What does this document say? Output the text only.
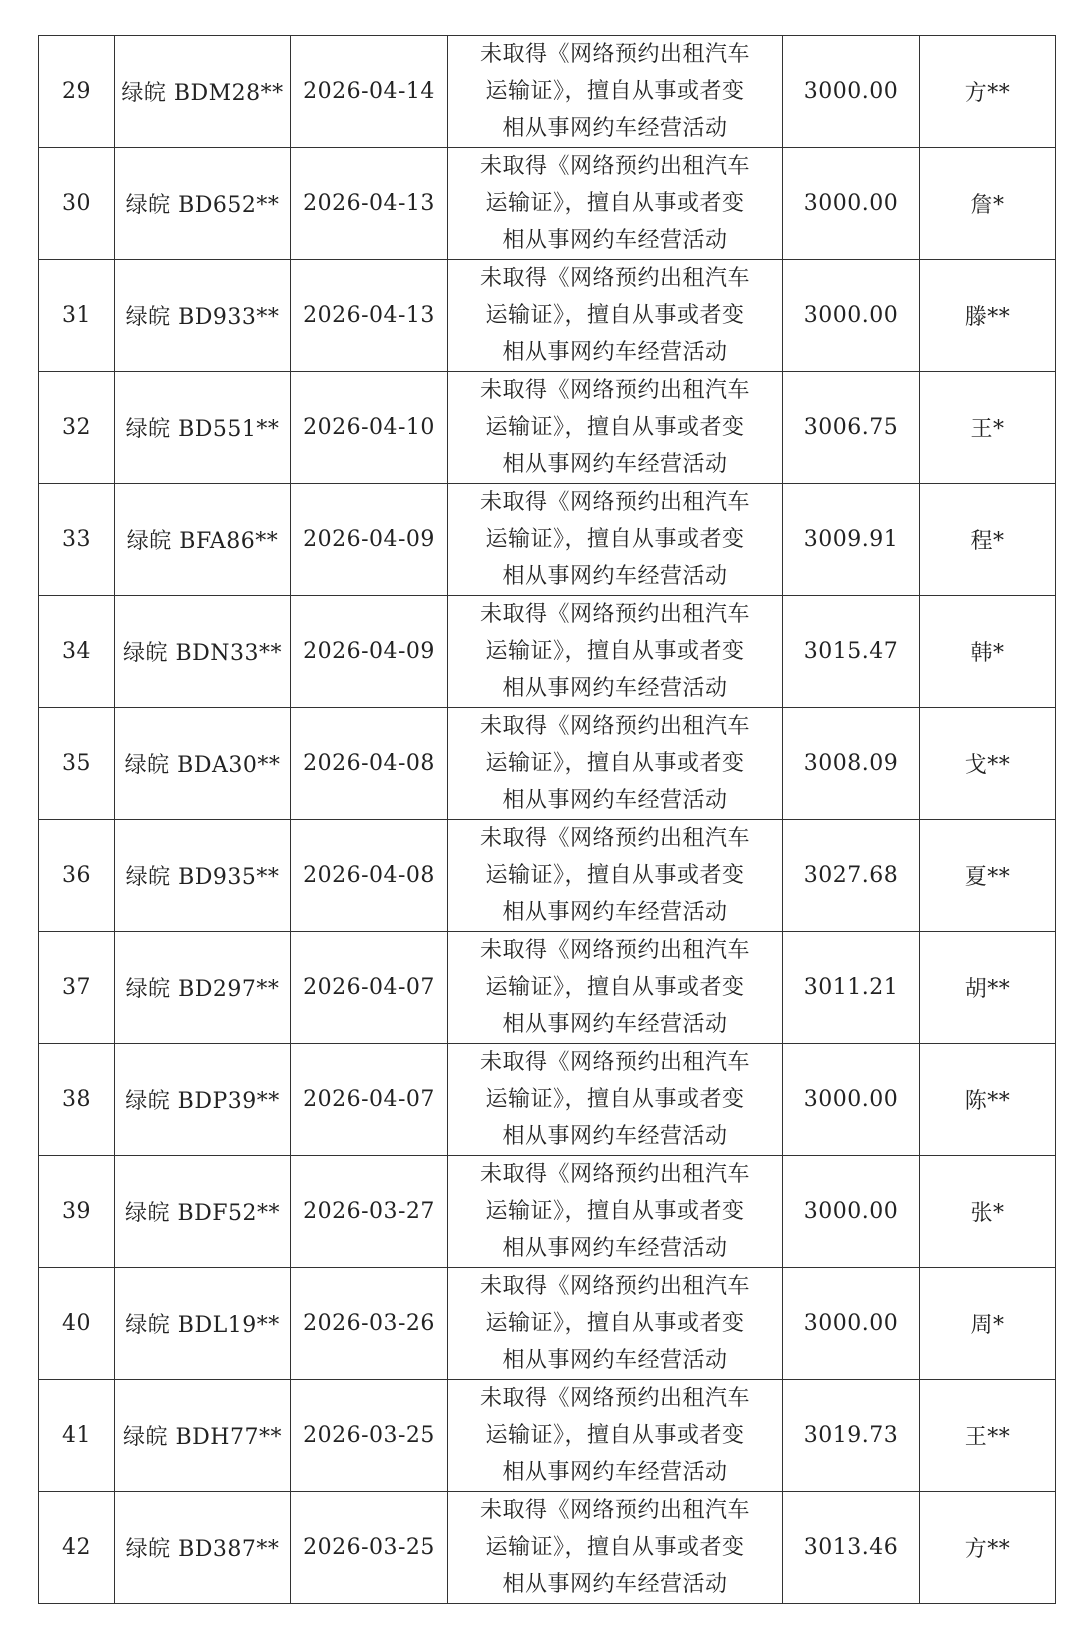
29	绿皖 BDM28**	2026-04-14	未取得《网络预约出租汽车
运输证》，擅自从事或者变
相从事网约车经营活动	3000.00	方**
30	绿皖 BD652**	2026-04-13	未取得《网络预约出租汽车
运输证》，擅自从事或者变
相从事网约车经营活动	3000.00	詹*
31	绿皖 BD933**	2026-04-13	未取得《网络预约出租汽车
运输证》，擅自从事或者变
相从事网约车经营活动	3000.00	滕**
32	绿皖 BD551**	2026-04-10	未取得《网络预约出租汽车
运输证》，擅自从事或者变
相从事网约车经营活动	3006.75	王*
33	绿皖 BFA86**	2026-04-09	未取得《网络预约出租汽车
运输证》，擅自从事或者变
相从事网约车经营活动	3009.91	程*
34	绿皖 BDN33**	2026-04-09	未取得《网络预约出租汽车
运输证》，擅自从事或者变
相从事网约车经营活动	3015.47	韩*
35	绿皖 BDA30**	2026-04-08	未取得《网络预约出租汽车
运输证》，擅自从事或者变
相从事网约车经营活动	3008.09	戈**
36	绿皖 BD935**	2026-04-08	未取得《网络预约出租汽车
运输证》，擅自从事或者变
相从事网约车经营活动	3027.68	夏**
37	绿皖 BD297**	2026-04-07	未取得《网络预约出租汽车
运输证》，擅自从事或者变
相从事网约车经营活动	3011.21	胡**
38	绿皖 BDP39**	2026-04-07	未取得《网络预约出租汽车
运输证》，擅自从事或者变
相从事网约车经营活动	3000.00	陈**
39	绿皖 BDF52**	2026-03-27	未取得《网络预约出租汽车
运输证》，擅自从事或者变
相从事网约车经营活动	3000.00	张*
40	绿皖 BDL19**	2026-03-26	未取得《网络预约出租汽车
运输证》，擅自从事或者变
相从事网约车经营活动	3000.00	周*
41	绿皖 BDH77**	2026-03-25	未取得《网络预约出租汽车
运输证》，擅自从事或者变
相从事网约车经营活动	3019.73	王**
42	绿皖 BD387**	2026-03-25	未取得《网络预约出租汽车
运输证》，擅自从事或者变
相从事网约车经营活动	3013.46	方**
